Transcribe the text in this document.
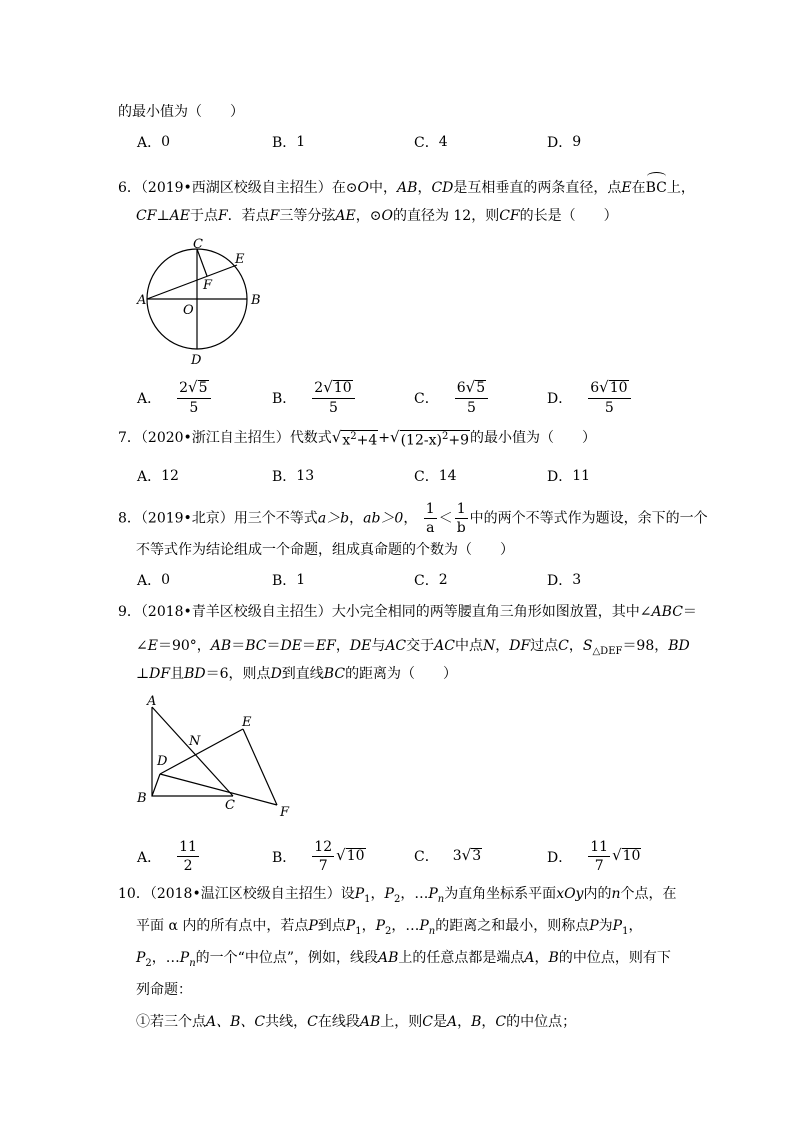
的最小值为（　　）
A． 0	B． 1	C． 4	D． 9
6．（2019•西湖区校级自主招生）在⊙O中，AB，CD是互相垂直的两条直径，点E在BC上，
CF⊥AE于点F．若点F三等分弦AE，⊙O的直径为 12，则CF的长是（　　）
C
E
F
A
O
B
D
A． $\frac{2 √ 5}{5}$	B． $\frac{2 √ 10}{5}$	C． $\frac{6 √ 5}{5}$	D． $\frac{6 √ 10}{5}$
7．（2020•浙江自主招生）代数式 √ $x^2+4$ + √ $(12-x)^2+9$ 的最小值为（　　）
A． 12	B． 13	C． 14	D． 11
8．（2019•北京）用三个不等式a＞b，ab＞0， $\frac{1}{a} < \frac{1}{b}$ 中的两个不等式作为题设，余下的一个
不等式作为结论组成一个命题，组成真命题的个数为（　　）
A． 0	B． 1	C． 2	D． 3
9．（2018•青羊区校级自主招生）大小完全相同的两等腰直角三角形如图放置，其中∠ABC＝
∠E＝90°，AB＝BC＝DE＝EF，DE与AC交于AC中点N，DF过点C，$S_{\triangle DEF}=98$，BD
⊥DF且BD＝6，则点D到直线BC的距离为（　　）
A
N
E
D
B	C	F
A． $\frac{11}{2}$	B． $\frac{12}{7}$ √ 10	C． 3 √ 3	D． $\frac{11}{7}$ √ 10
10．（2018•温江区校级自主招生）设$P_1$，$P_2$，$\dots P_n$为直角坐标系平面xOy内的n个点，在
平面 α 内的所有点中，若点P到点$P_1$，$P_2$，$\dots P_n$的距离之和最小，则称点P为$P_1$，
$P_2$，$\dots P_n$的一个“中位点”，例如，线段AB上的任意点都是端点A，B的中位点，则有下
列命题：
①若三个点A、B、C共线，C在线段AB上，则C是A，B，C的中位点；
